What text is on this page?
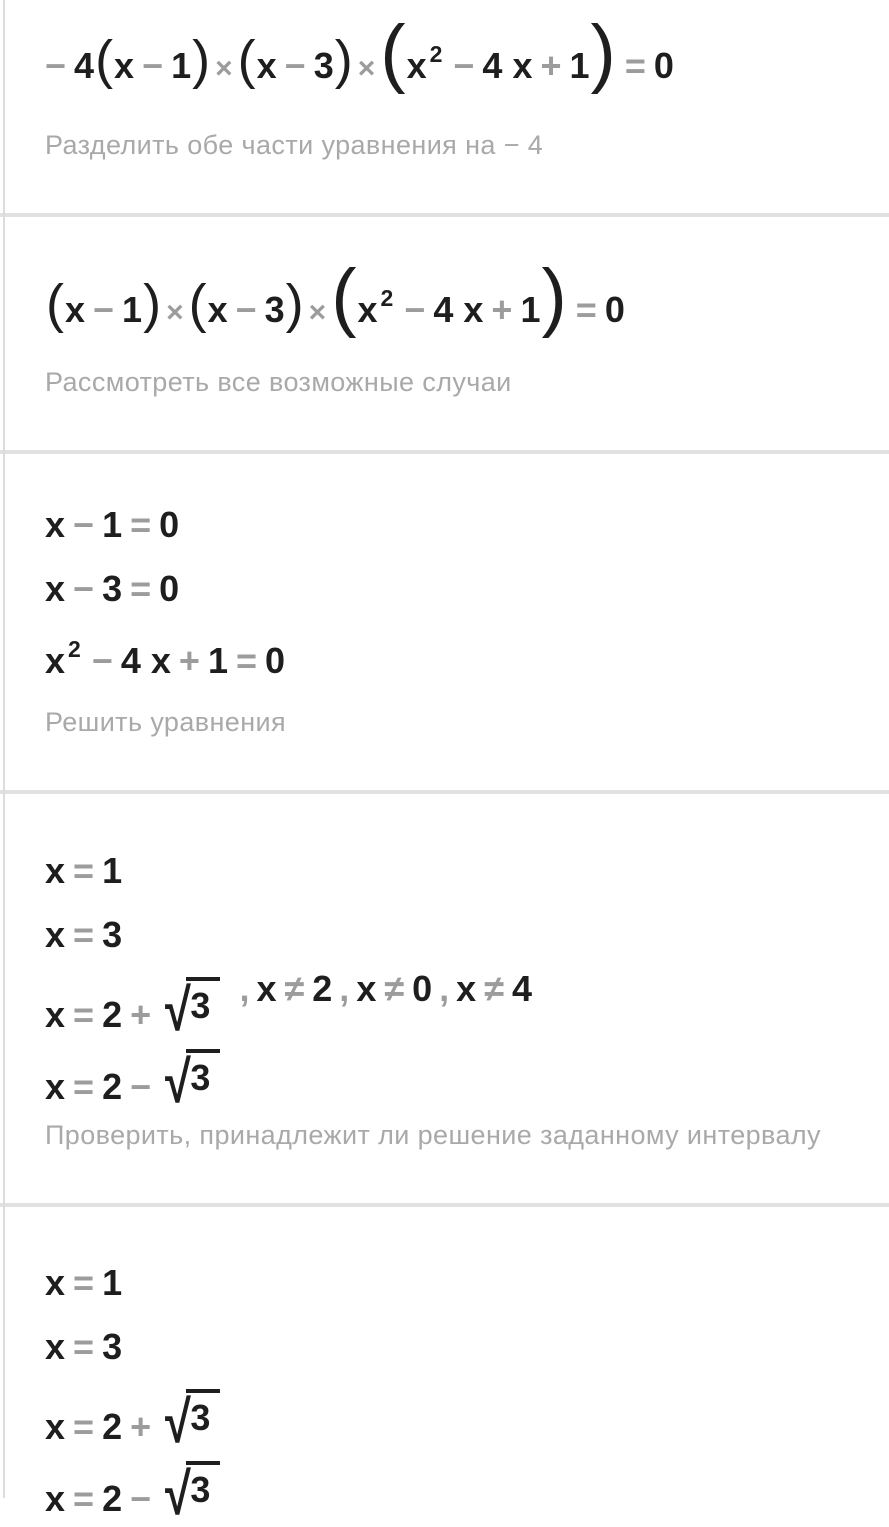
− 4 ( x − 1 ) × ( x − 3 ) × ( x 2 − 4 x + 1 ) = 0
Разделить обе части уравнения на − 4
( x − 1 ) × ( x − 3 ) × ( x 2 − 4 x + 1 ) = 0
Рассмотреть все возможные случаи
x − 1 = 0
x − 3 = 0
x 2 − 4 x + 1 = 0
Решить уравнения
x = 1
x = 3
x = 2 + √ 3 , x ≠ 2 , x ≠ 0 , x ≠ 4
x = 2 − √ 3
Проверить, принадлежит ли решение заданному интервалу
x = 1
x = 3
x = 2 + √ 3
x = 2 − √ 3
